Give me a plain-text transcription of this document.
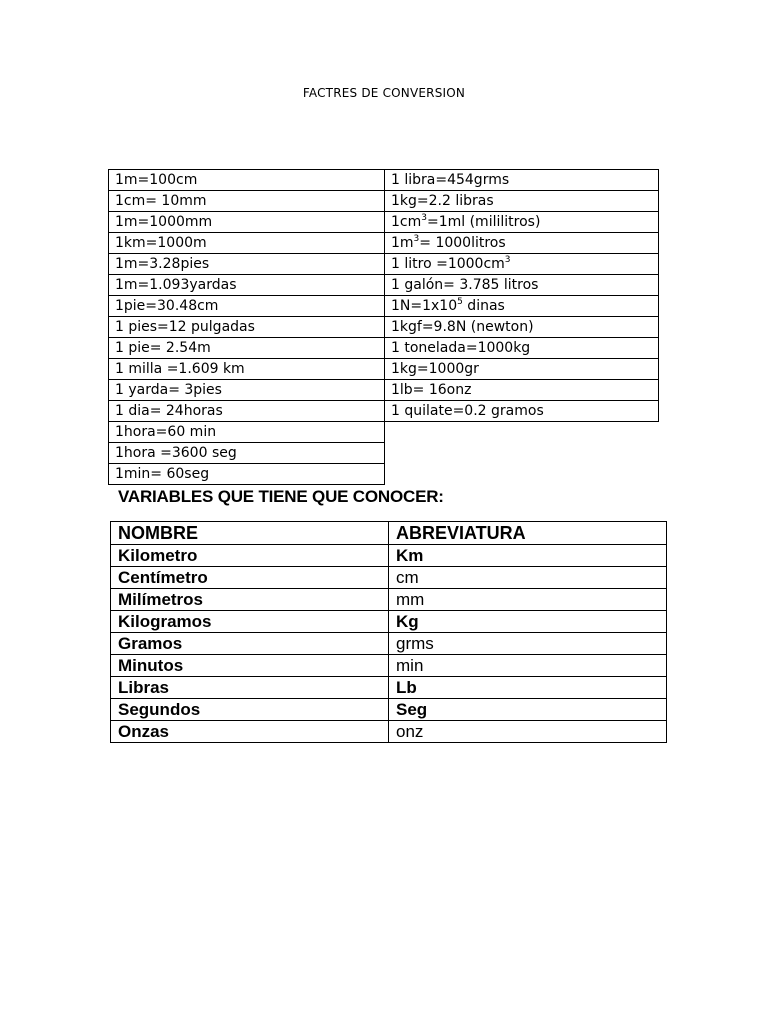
FACTRES DE CONVERSION
1m=100cm	1 libra=454grms
1cm= 10mm	1kg=2.2 libras
1m=1000mm	$1cm^3=1ml$ (mililitros)
1km=1000m	$1m^3=$ 1000litros
1m=3.28pies	1 litro $=1000cm^3$
1m=1.093yardas	1 galón= 3.785 litros
1pie=30.48cm	$1N=1x10^5$ dinas
1 pies=12 pulgadas	1kgf=9.8N (newton)
1 pie= 2.54m	1 tonelada=1000kg
1 milla =1.609 km	1kg=1000gr
1 yarda= 3pies	1lb= 16onz
1 dia= 24horas	1 quilate=0.2 gramos
1hora=60 min	
1hora =3600 seg	
1min= 60seg	
VARIABLES QUE TIENE QUE CONOCER:
NOMBRE	ABREVIATURA
Kilometro	Km
Centímetro	cm
Milímetros	mm
Kilogramos	Kg
Gramos	grms
Minutos	min
Libras	Lb
Segundos	Seg
Onzas	onz
